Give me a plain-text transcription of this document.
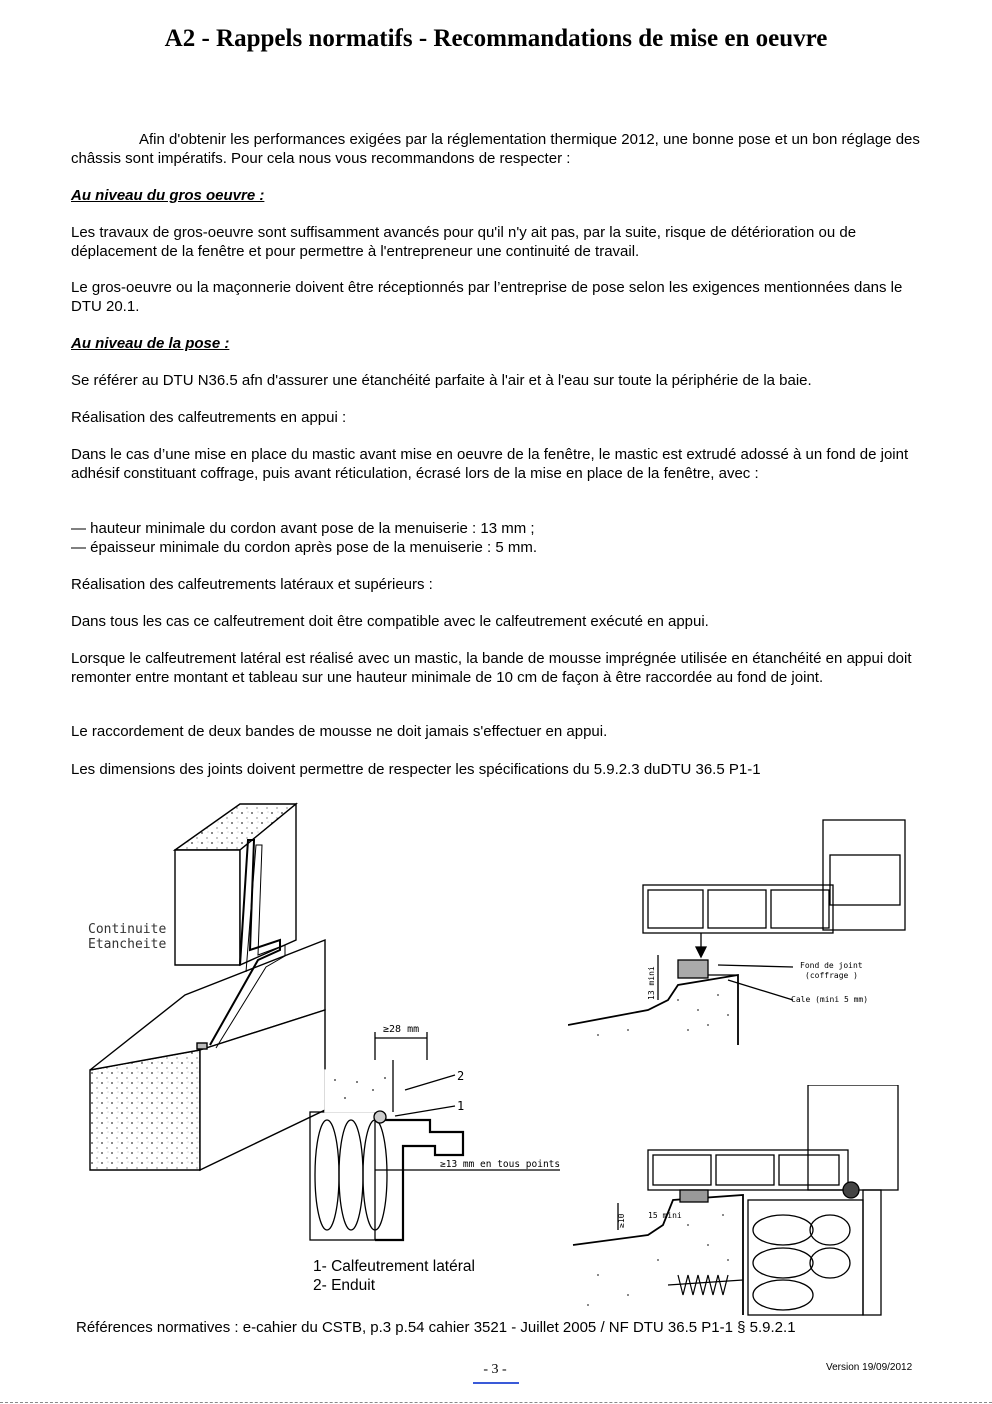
A2 - Rappels normatifs - Recommandations de mise en oeuvre

Afin d'obtenir les performances exigées par la réglementation thermique 2012, une bonne pose et un bon réglage des châssis sont impératifs. Pour cela nous vous recommandons de respecter :

Au niveau du gros oeuvre :

Les travaux de gros-oeuvre sont suffisamment avancés pour qu'il n'y ait pas, par la suite, risque de détérioration ou de déplacement de la fenêtre et pour permettre à l'entrepreneur une continuité de travail.

Le gros-oeuvre ou la maçonnerie doivent être réceptionnés par l’entreprise de pose selon les exigences mentionnées dans le DTU 20.1.

Au niveau de la pose :

Se référer au DTU N36.5 afn d'assurer une étanchéité parfaite à l'air et à l'eau sur toute la périphérie de la baie.

Réalisation des calfeutrements en appui :

Dans le cas d’une mise en place du mastic avant mise en oeuvre de la fenêtre, le mastic est extrudé adossé à un fond de joint adhésif constituant coffrage, puis avant réticulation, écrasé lors de la mise en place de la fenêtre, avec :

— hauteur minimale du cordon avant pose de la menuiserie : 13 mm ;

— épaisseur minimale du cordon après pose de la menuiserie : 5 mm.

Réalisation des calfeutrements latéraux et supérieurs :

Dans tous les cas ce calfeutrement doit être compatible avec le calfeutrement exécuté en appui.

Lorsque le calfeutrement latéral est réalisé avec un mastic, la bande de mousse imprégnée utilisée en étanchéité en appui doit remonter entre montant et tableau sur une hauteur minimale de 10 cm de façon à être raccordée au fond de joint.

Le raccordement de deux bandes de mousse ne doit jamais s'effectuer en appui.

Les dimensions des joints doivent permettre de respecter les spécifications du 5.9.2.3 duDTU 36.5 P1-1

Continuite
Etancheite
≥28 mm
2
1
≥13 mm en tous points
Fond de joint
(coffrage )
Cale (mini 5 mm)
13 mini
≥10	15 mini
1- Calfeutrement latéral
2- Enduit
Références normatives : e-cahier du CSTB, p.3 p.54 cahier 3521 - Juillet 2005 / NF DTU 36.5 P1-1 § 5.9.2.1
- 3 -	Version 19/09/2012
